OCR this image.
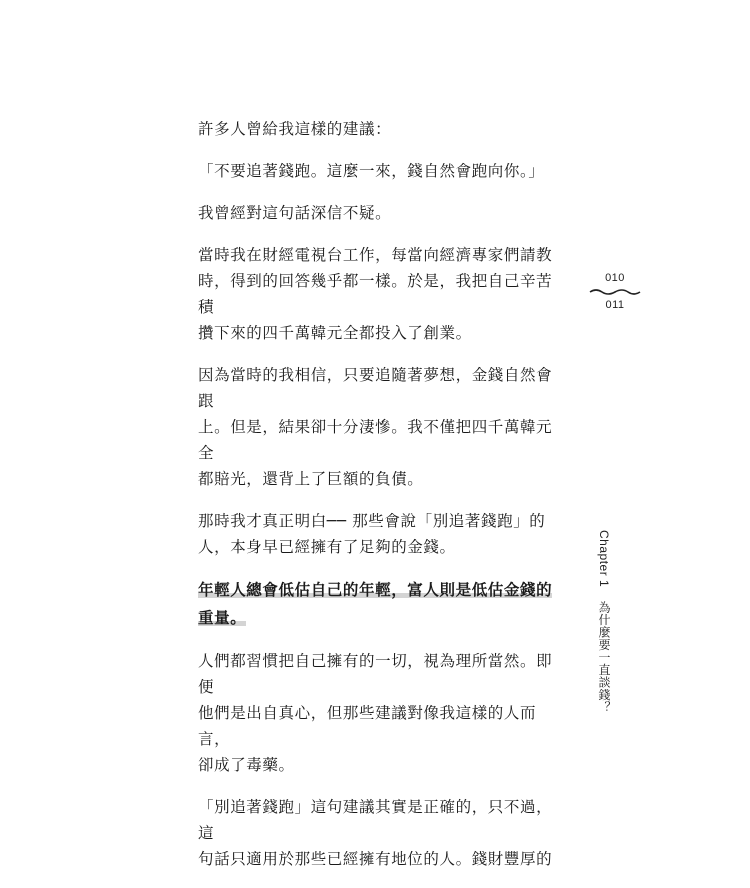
許多人曾給我這樣的建議：

「不要追著錢跑。這麼一來，錢自然會跑向你。」

我曾經對這句話深信不疑。

當時我在財經電視台工作，每當向經濟專家們請教
時，得到的回答幾乎都一樣。於是，我把自己辛苦積
攢下來的四千萬韓元全都投入了創業。

因為當時的我相信，只要追隨著夢想，金錢自然會跟
上。但是，結果卻十分淒慘。我不僅把四千萬韓元全
都賠光，還背上了巨額的負債。

那時我才真正明白── 那些會說「別追著錢跑」的
人，本身早已經擁有了足夠的金錢。

年輕人總會低估自己的年輕，富人則是低估金錢的
重量。

人們都習慣把自己擁有的一切，視為理所當然。即便
他們是出自真心，但那些建議對像我這樣的人而言，
卻成了毒藥。

「別追著錢跑」這句建議其實是正確的，只不過，這
句話只適用於那些已經擁有地位的人。錢財豐厚的

010
011
Chapter 1 為什麼要一直談錢？
